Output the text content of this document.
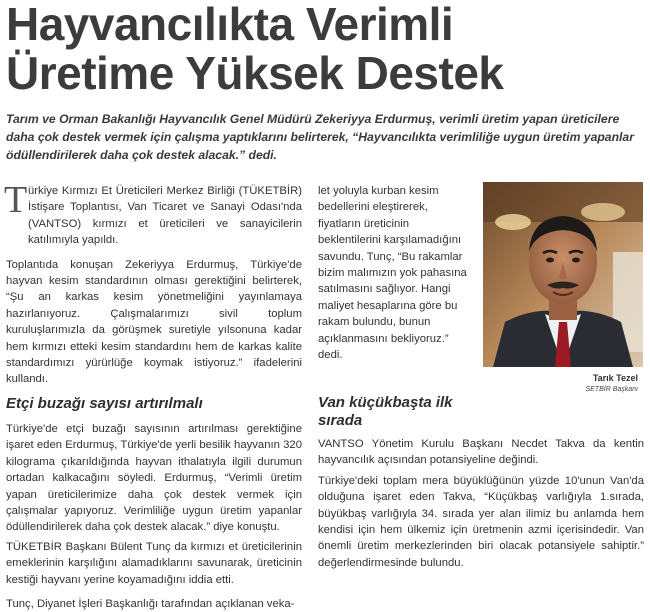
Hayvancılıkta Verimli
Üretime Yüksek Destek
Tarım ve Orman Bakanlığı Hayvancılık Genel Müdürü Zekeriyya Erdurmuş, verimli üretim yapan üreticilere daha çok destek vermek için çalışma yaptıklarını belirterek, “Hayvancılıkta verimliliğe uygun üretim yapanlar ödüllendirilerek daha çok destek alacak.” dedi.

T ürkiye Kırmızı Et Üreticileri Merkez Birliği (TÜKETBİR) İstişare Toplantısı, Van Ticaret ve Sanayi Odası'nda (VANTSO) kırmızı et üreticileri ve sanayicilerin katılımıyla yapıldı.

Toplantıda konuşan Zekeriyya Erdurmuş, Türkiye'de hayvan kesim standardının olması gerektiğini belirterek, “Şu an karkas kesim yönetmeliğini yayınlamaya hazırlanıyoruz. Çalışmalarımızı sivil toplum kuruluşlarımızla da görüşmek suretiyle yılsonuna kadar hem kırmızı etteki kesim standardını hem de karkas kalite standardımızı yürürlüğe koymak istiyoruz.” ifadelerini kullandı.

Etçi buzağı sayısı artırılmalı

Türkiye'de etçi buzağı sayısının artırılması gerektiğine işaret eden Erdurmuş, Türkiye'de yerli besilik hayvanın 320 kilograma çıkarıldığında hayvan ithalatıyla ilgili durumun ortadan kalkacağını söyledi. Erdurmuş, “Verimli üretim yapan üreticilerimize daha çok destek vermek için çalışmalar yapıyoruz. Verimliliğe uygun üretim yapanlar ödüllendirilerek daha çok destek alacak.” diye konuştu.

TÜKETBİR Başkanı Bülent Tunç da kırmızı et üreticilerinin emeklerinin karşılığını alamadıklarını savunarak, üreticinin kestiği hayvanı yerine koyamadığını iddia etti.

Tunç, Diyanet İşleri Başkanlığı tarafından açıklanan veka-

let yoluyla kurban kesim bedellerini eleştirerek, fiyatların üreticinin beklentilerini karşılamadığını savundu. Tunç, “Bu rakamlar bizim malımızın yok pahasına satılmasını sağlıyor. Hangi maliyet hesaplarına göre bu rakam bulundu, bunun açıklanmasını bekliyoruz.” dedi.

Van küçükbaşta ilk
sırada

VANTSO Yönetim Kurulu Başkanı Necdet Takva da kentin hayvancılık açısından potansiyeline değindi.

Türkiye'deki toplam mera büyüklüğünün yüzde 10'unun Van'da olduğuna işaret eden Takva, “Küçükbaş varlığıyla 1.sırada, büyükbaş varlığıyla 34. sırada yer alan ilimiz bu anlamda hem kendisi için hem ülkemiz için üretmenin azmi içerisindedir. Van önemli üretim merkezlerinden biri olacak potansiyele sahiptir.” değerlendirmesinde bulundu.

Tarık Tezel
SETBİR Başkanı
